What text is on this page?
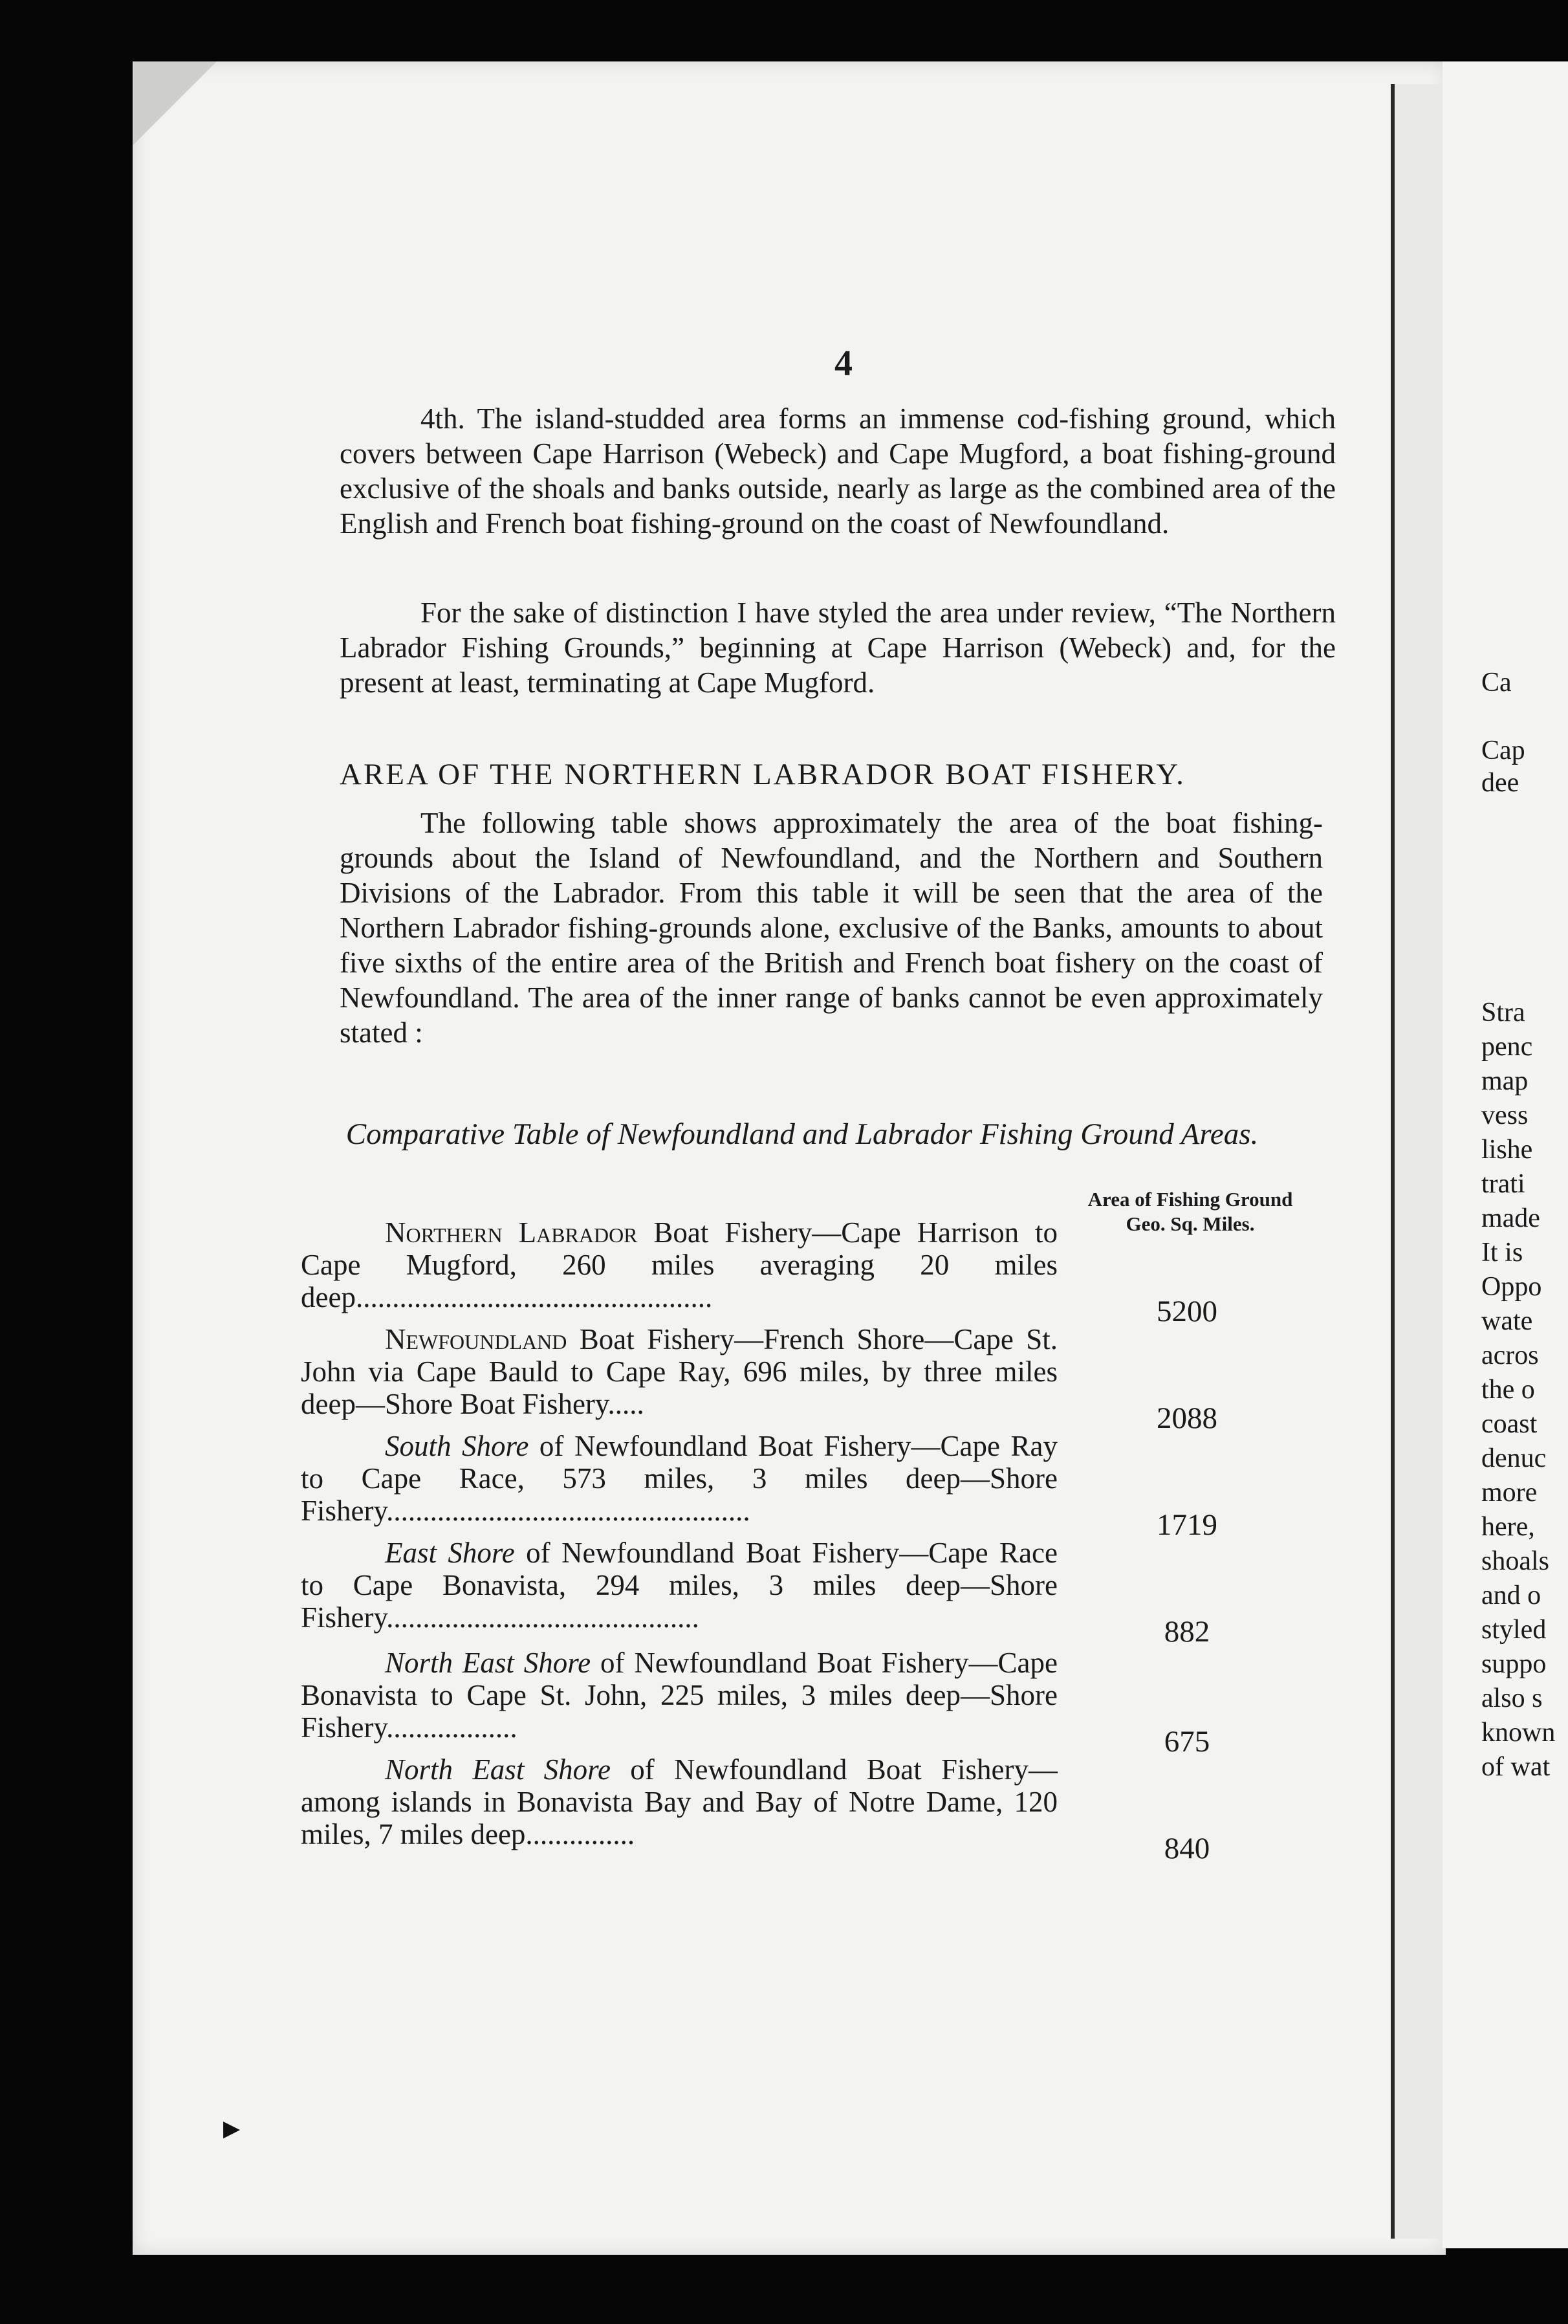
4
4th. The island-studded area forms an immense cod-fishing ground, which covers between Cape Harrison (Webeck) and Cape Mugford, a boat fishing-ground exclusive of the shoals and banks outside, nearly as large as the combined area of the English and French boat fishing-ground on the coast of Newfoundland.
For the sake of distinction I have styled the area under review, “The Northern Labrador Fishing Grounds,” beginning at Cape Harrison (Webeck) and, for the present at least, terminating at Cape Mugford.
AREA OF THE NORTHERN LABRADOR BOAT FISHERY.
The following table shows approximately the area of the boat fishing-grounds about the Island of Newfoundland, and the Northern and Southern Divisions of the Labrador. From this table it will be seen that the area of the Northern Labrador fishing-grounds alone, exclusive of the Banks, amounts to about five sixths of the entire area of the British and French boat fishery on the coast of Newfoundland. The area of the inner range of banks cannot be even approximately stated :
Comparative Table of Newfoundland and Labrador Fishing Ground Areas.
Area of Fishing Ground
Geo. Sq. Miles.
Northern Labrador Boat Fishery—Cape Harrison to Cape Mugford, 260 miles averaging 20 miles deep.................................................	5200
Newfoundland Boat Fishery—French Shore—Cape St. John via Cape Bauld to Cape Ray, 696 miles, by three miles deep—Shore Boat Fishery.....	2088
South Shore of Newfoundland Boat Fishery—Cape Ray to Cape Race, 573 miles, 3 miles deep—Shore Fishery..................................................	1719
East Shore of Newfoundland Boat Fishery—Cape Race to Cape Bonavista, 294 miles, 3 miles deep—Shore Fishery...........................................	882
North East Shore of Newfoundland Boat Fishery—Cape Bonavista to Cape St. John, 225 miles, 3 miles deep—Shore Fishery..................	675
North East Shore of Newfoundland Boat Fishery—among islands in Bonavista Bay and Bay of Notre Dame, 120 miles, 7 miles deep...............	840
Ca
Cap
dee
Stra
penc
map
vess
lishe
trati
made
It is
Oppo
wate
acros
the o
coast
denuc
more
here,
shoals
and o
styled
suppo
also s
known
of wat
▶
